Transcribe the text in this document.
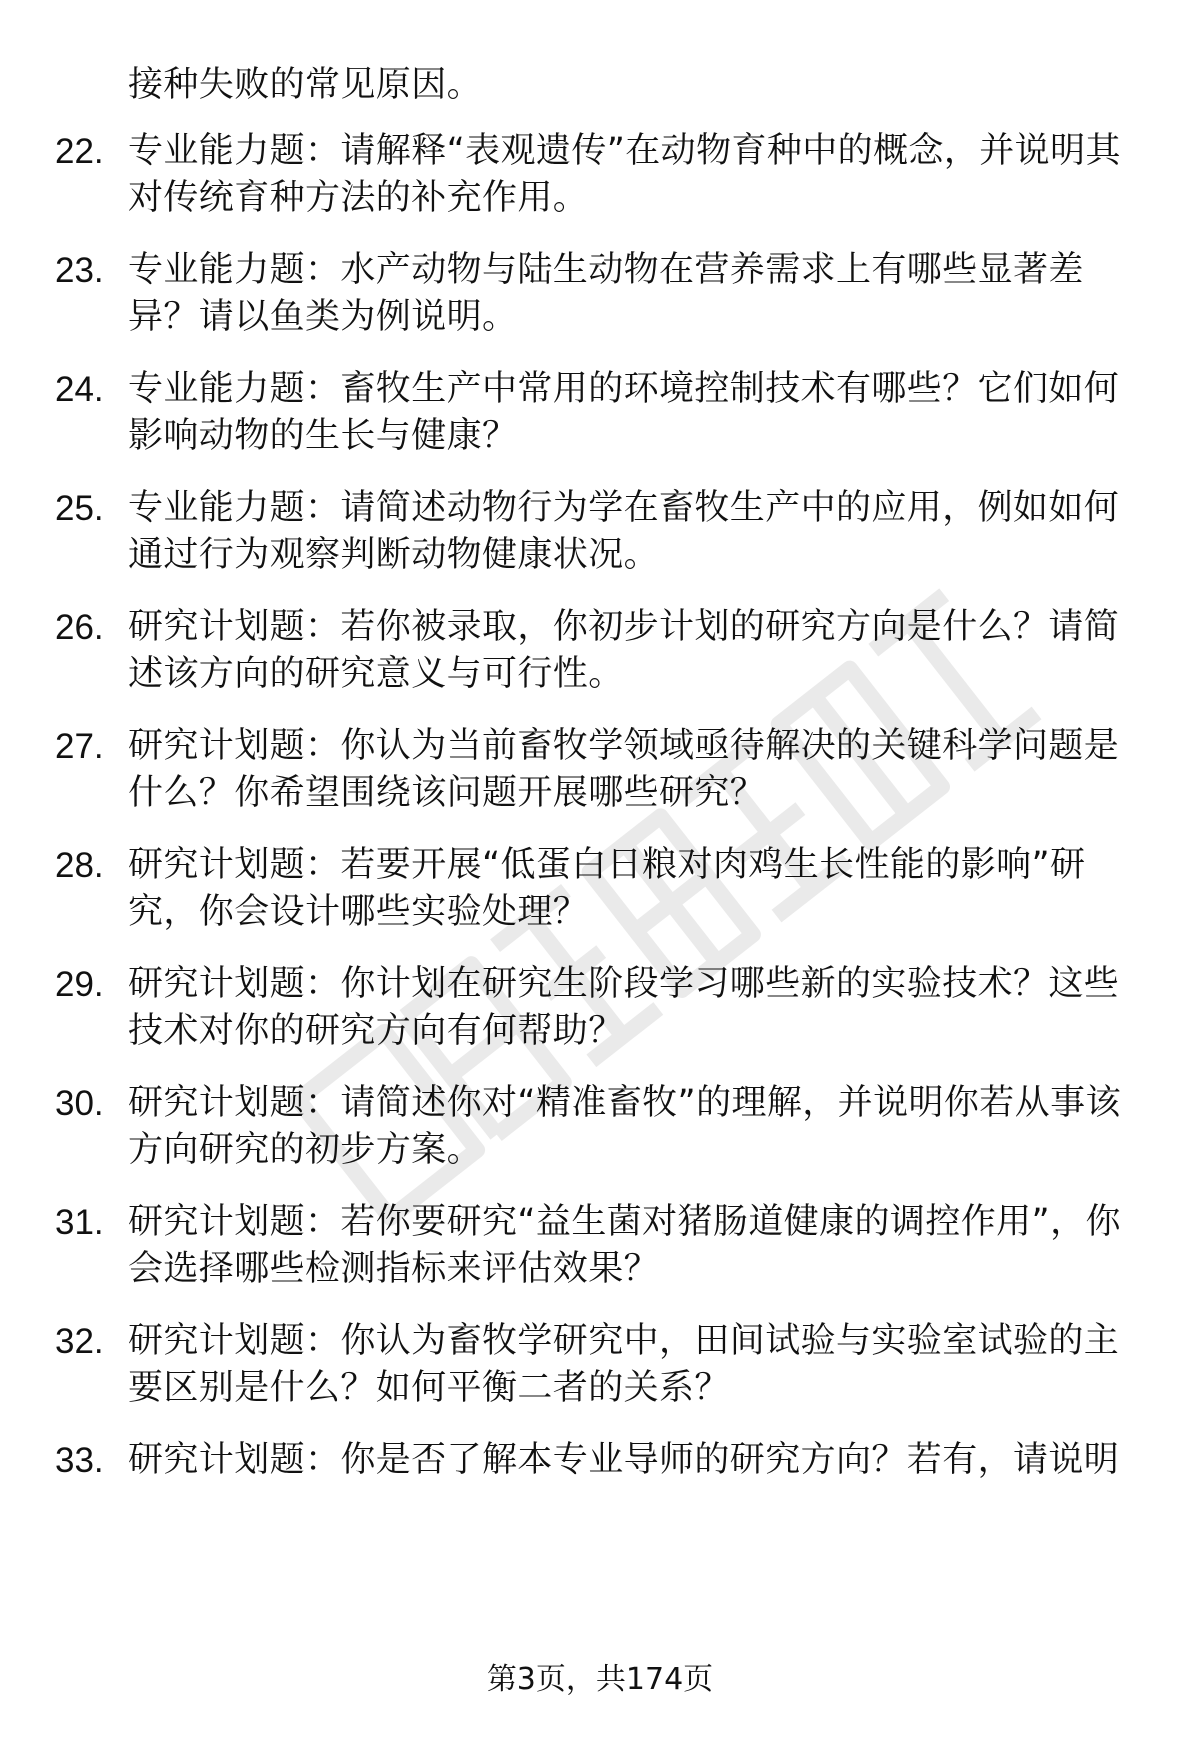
接种失败的常见原因。
22. 专业能力题：请解释“表观遗传”在动物育种中的概念，并说明其对传统育种方法的补充作用。
23. 专业能力题：水产动物与陆生动物在营养需求上有哪些显著差异？请以鱼类为例说明。
24. 专业能力题：畜牧生产中常用的环境控制技术有哪些？它们如何影响动物的生长与健康？
25. 专业能力题：请简述动物行为学在畜牧生产中的应用，例如如何通过行为观察判断动物健康状况。
26. 研究计划题：若你被录取，你初步计划的研究方向是什么？请简述该方向的研究意义与可行性。
27. 研究计划题：你认为当前畜牧学领域亟待解决的关键科学问题是什么？你希望围绕该问题开展哪些研究？
28. 研究计划题：若要开展“低蛋白日粮对肉鸡生长性能的影响”研究，你会设计哪些实验处理？
29. 研究计划题：你计划在研究生阶段学习哪些新的实验技术？这些技术对你的研究方向有何帮助？
30. 研究计划题：请简述你对“精准畜牧”的理解，并说明你若从事该方向研究的初步方案。
31. 研究计划题：若你要研究“益生菌对猪肠道健康的调控作用”，你会选择哪些检测指标来评估效果？
32. 研究计划题：你认为畜牧学研究中，田间试验与实验室试验的主要区别是什么？如何平衡二者的关系？
33. 研究计划题：你是否了解本专业导师的研究方向？若有，请说明
第3页，共174页
